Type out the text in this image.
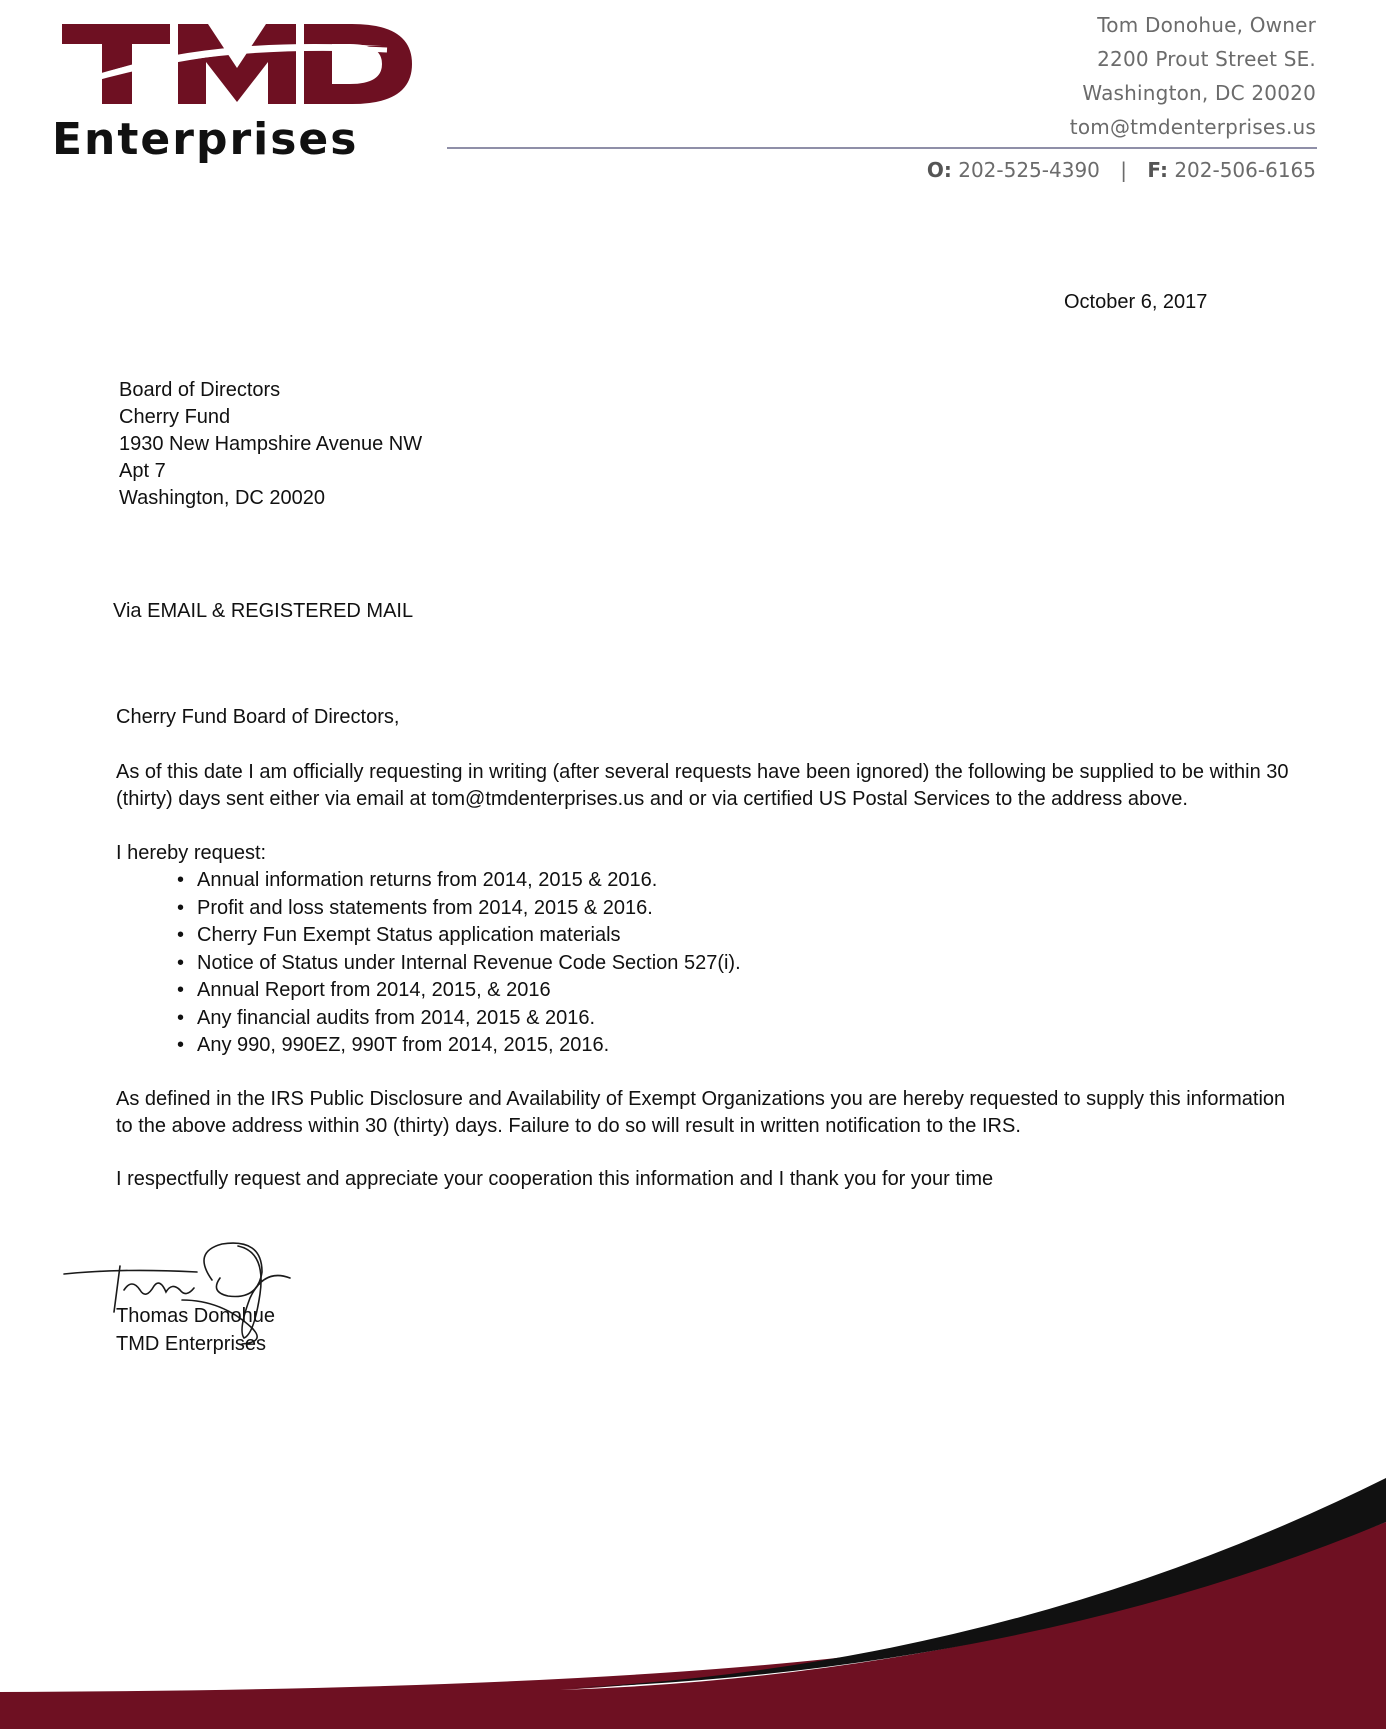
Enterprises
Tom Donohue, Owner
2200 Prout Street SE.
Washington, DC 20020
tom@tmdenterprises.us
O: 202-525-4390 | F: 202-506-6165
October 6, 2017
Board of Directors
Cherry Fund
1930 New Hampshire Avenue NW
Apt 7
Washington, DC 20020
Via EMAIL & REGISTERED MAIL
Cherry Fund Board of Directors,
As of this date I am officially requesting in writing (after several requests have been ignored) the following be supplied to be within 30 (thirty) days sent either via email at tom@tmdenterprises.us and or via certified US Postal Services to the address above.
I hereby request:
• Annual information returns from 2014, 2015 & 2016.
• Profit and loss statements from 2014, 2015 & 2016.
• Cherry Fun Exempt Status application materials
• Notice of Status under Internal Revenue Code Section 527(i).
• Annual Report from 2014, 2015, & 2016
• Any financial audits from 2014, 2015 & 2016.
• Any 990, 990EZ, 990T from 2014, 2015, 2016.
As defined in the IRS Public Disclosure and Availability of Exempt Organizations you are hereby requested to supply this information to the above address within 30 (thirty) days. Failure to do so will result in written notification to the IRS.
I respectfully request and appreciate your cooperation this information and I thank you for your time
Thomas Donohue
TMD Enterprises
